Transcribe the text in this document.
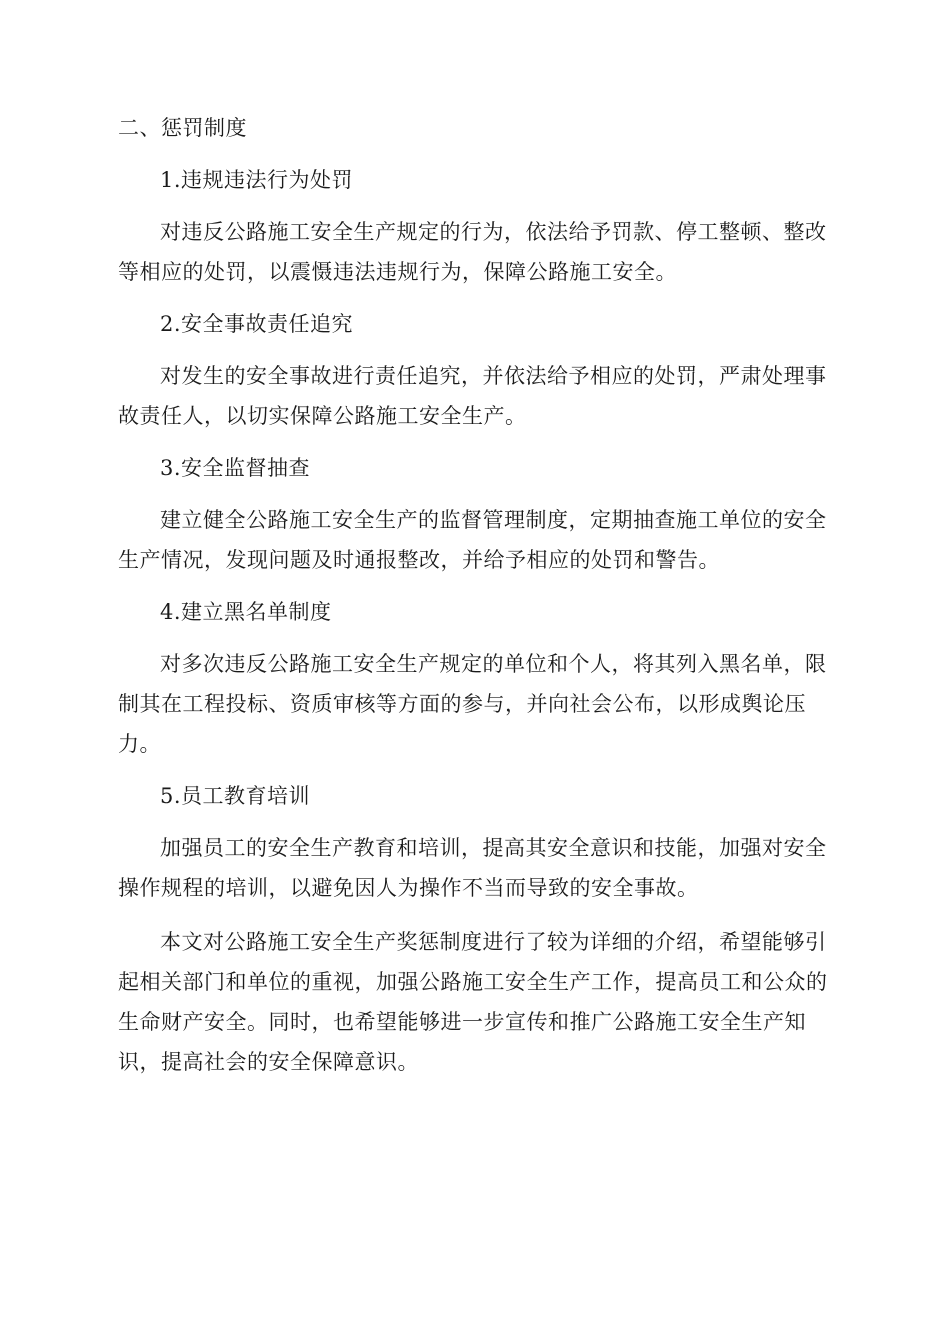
二、惩罚制度
1.违规违法行为处罚

对违反公路施工安全生产规定的行为，依法给予罚款、停工整顿、整改等相应的处罚，以震慑违法违规行为，保障公路施工安全。

2.安全事故责任追究

对发生的安全事故进行责任追究，并依法给予相应的处罚，严肃处理事故责任人，以切实保障公路施工安全生产。

3.安全监督抽查

建立健全公路施工安全生产的监督管理制度，定期抽查施工单位的安全生产情况，发现问题及时通报整改，并给予相应的处罚和警告。

4.建立黑名单制度

对多次违反公路施工安全生产规定的单位和个人，将其列入黑名单，限制其在工程投标、资质审核等方面的参与，并向社会公布，以形成舆论压力。

5.员工教育培训

加强员工的安全生产教育和培训，提高其安全意识和技能，加强对安全操作规程的培训，以避免因人为操作不当而导致的安全事故。

本文对公路施工安全生产奖惩制度进行了较为详细的介绍，希望能够引起相关部门和单位的重视，加强公路施工安全生产工作，提高员工和公众的生命财产安全。同时，也希望能够进一步宣传和推广公路施工安全生产知识，提高社会的安全保障意识。
